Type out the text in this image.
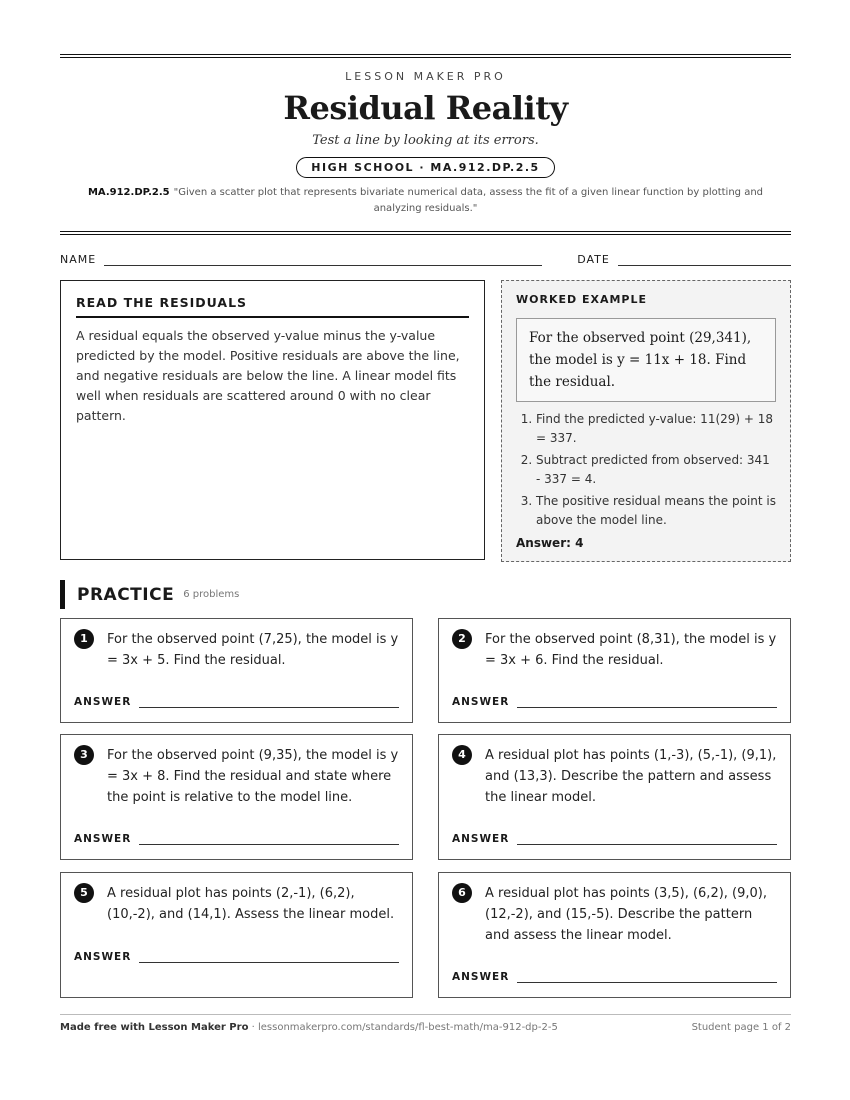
LESSON MAKER PRO
Residual Reality
Test a line by looking at its errors.
HIGH SCHOOL · MA.912.DP.2.5
MA.912.DP.2.5 "Given a scatter plot that represents bivariate numerical data, assess the fit of a given linear function by plotting and analyzing residuals."
NAME	DATE
READ THE RESIDUALS

A residual equals the observed y-value minus the y-value predicted by the model. Positive residuals are above the line, and negative residuals are below the line. A linear model fits well when residuals are scattered around 0 with no clear pattern.

WORKED EXAMPLE
For the observed point (29,341), the model is y = 11x + 18. Find the residual.
1. Find the predicted y-value: 11(29) + 18 = 337.
2. Subtract predicted from observed: 341 - 337 = 4.
3. The positive residual means the point is above the model line.
Answer: 4
PRACTICE 6 problems
1	For the observed point (7,25), the model is y = 3x + 5. Find the residual.
ANSWER
2	For the observed point (8,31), the model is y = 3x + 6. Find the residual.
ANSWER
3	For the observed point (9,35), the model is y = 3x + 8. Find the residual and state where the point is relative to the model line.
ANSWER
4	A residual plot has points (1,-3), (5,-1), (9,1), and (13,3). Describe the pattern and assess the linear model.
ANSWER
5	A residual plot has points (2,-1), (6,2), (10,-2), and (14,1). Assess the linear model.
ANSWER
6	A residual plot has points (3,5), (6,2), (9,0), (12,-2), and (15,-5). Describe the pattern and assess the linear model.
ANSWER
Made free with Lesson Maker Pro · lessonmakerpro.com/standards/fl-best-math/ma-912-dp-2-5	Student page 1 of 2
